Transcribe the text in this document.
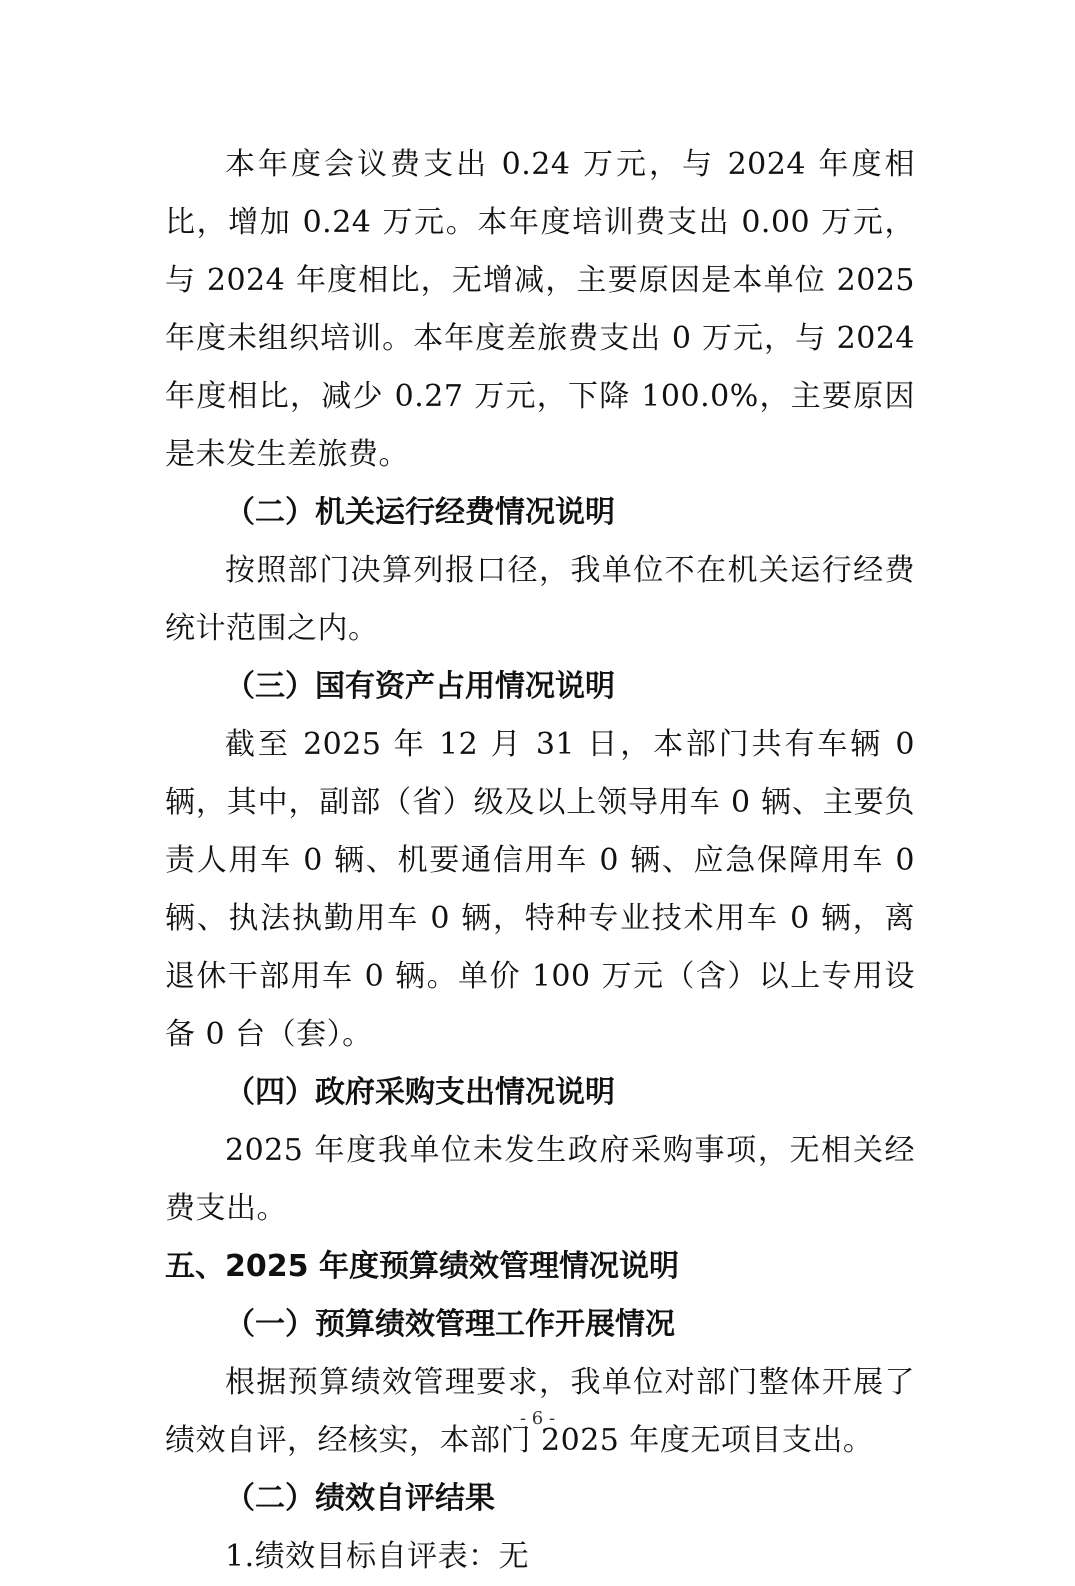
本年度会议费支出 0.24 万元，与 2024 年度相比，增加 0.24 万元。本年度培训费支出 0.00 万元，与 2024 年度相比，无增减，主要原因是本单位 2025 年度未组织培训。本年度差旅费支出 0 万元，与 2024 年度相比，减少 0.27 万元，下降 100.0%，主要原因是未发生差旅费。

（二）机关运行经费情况说明

按照部门决算列报口径，我单位不在机关运行经费统计范围之内。

（三）国有资产占用情况说明

截至 2025 年 12 月 31 日，本部门共有车辆 0 辆，其中，副部（省）级及以上领导用车 0 辆、主要负责人用车 0 辆、机要通信用车 0 辆、应急保障用车 0 辆、执法执勤用车 0 辆，特种专业技术用车 0 辆，离退休干部用车 0 辆。单价 100 万元（含）以上专用设备 0 台（套）。

（四）政府采购支出情况说明

2025 年度我单位未发生政府采购事项，无相关经费支出。

五、2025 年度预算绩效管理情况说明

（一）预算绩效管理工作开展情况

根据预算绩效管理要求，我单位对部门整体开展了绩效自评，经核实，本部门 2025 年度无项目支出。

（二）绩效自评结果

1.绩效目标自评表：无

- 6 -
